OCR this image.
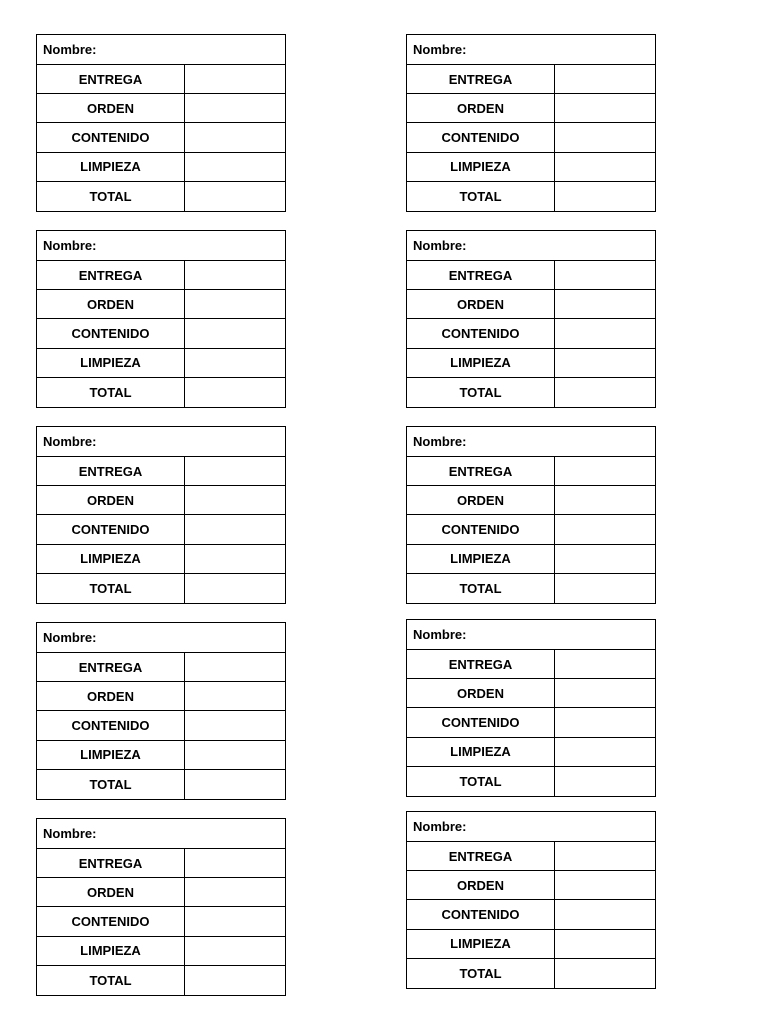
Nombre:
ENTREGA
ORDEN
CONTENIDO
LIMPIEZA
TOTAL
Nombre:
ENTREGA
ORDEN
CONTENIDO
LIMPIEZA
TOTAL
Nombre:
ENTREGA
ORDEN
CONTENIDO
LIMPIEZA
TOTAL
Nombre:
ENTREGA
ORDEN
CONTENIDO
LIMPIEZA
TOTAL
Nombre:
ENTREGA
ORDEN
CONTENIDO
LIMPIEZA
TOTAL
Nombre:
ENTREGA
ORDEN
CONTENIDO
LIMPIEZA
TOTAL
Nombre:
ENTREGA
ORDEN
CONTENIDO
LIMPIEZA
TOTAL
Nombre:
ENTREGA
ORDEN
CONTENIDO
LIMPIEZA
TOTAL
Nombre:
ENTREGA
ORDEN
CONTENIDO
LIMPIEZA
TOTAL
Nombre:
ENTREGA
ORDEN
CONTENIDO
LIMPIEZA
TOTAL
